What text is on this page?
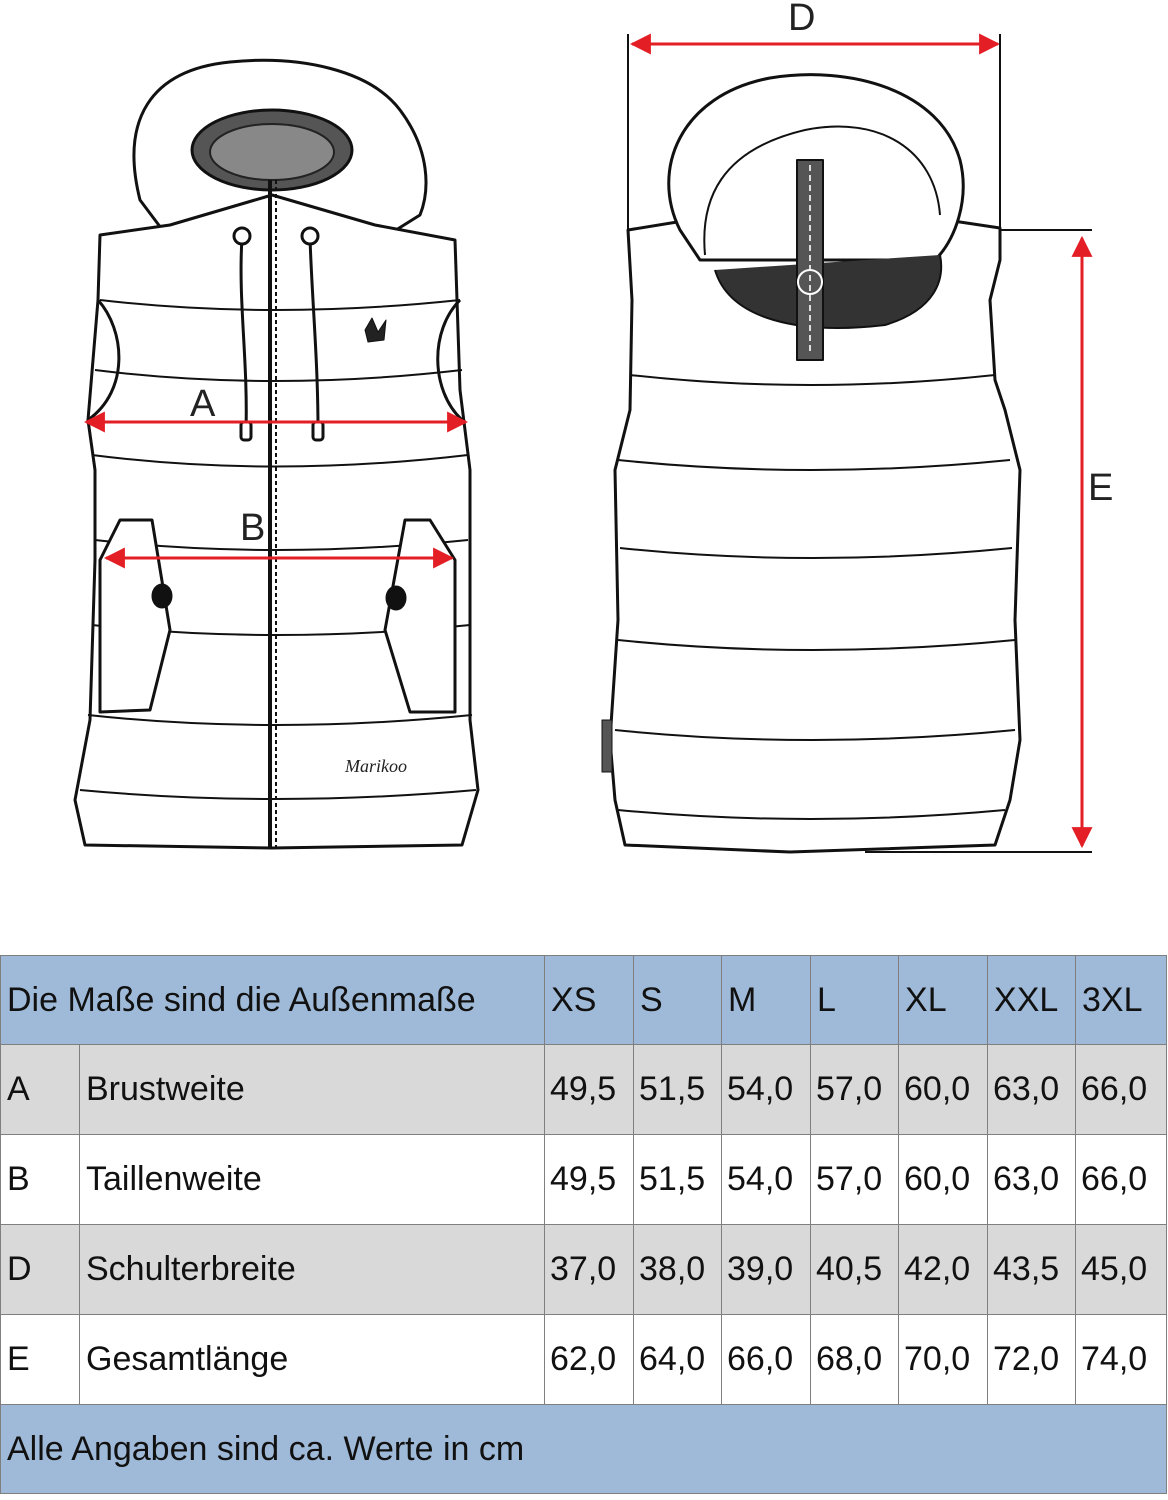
Marikoo
A
B
D
E
Die Maße sind die Außenmaße		XS	S	M	L	XL	XXL	3XL
A	Brustweite	49,5	51,5	54,0	57,0	60,0	63,0	66,0
B	Taillenweite	49,5	51,5	54,0	57,0	60,0	63,0	66,0
D	Schulterbreite	37,0	38,0	39,0	40,5	42,0	43,5	45,0
E	Gesamtlänge	62,0	64,0	66,0	68,0	70,0	72,0	74,0
Alle Angaben sind ca. Werte in cm								
